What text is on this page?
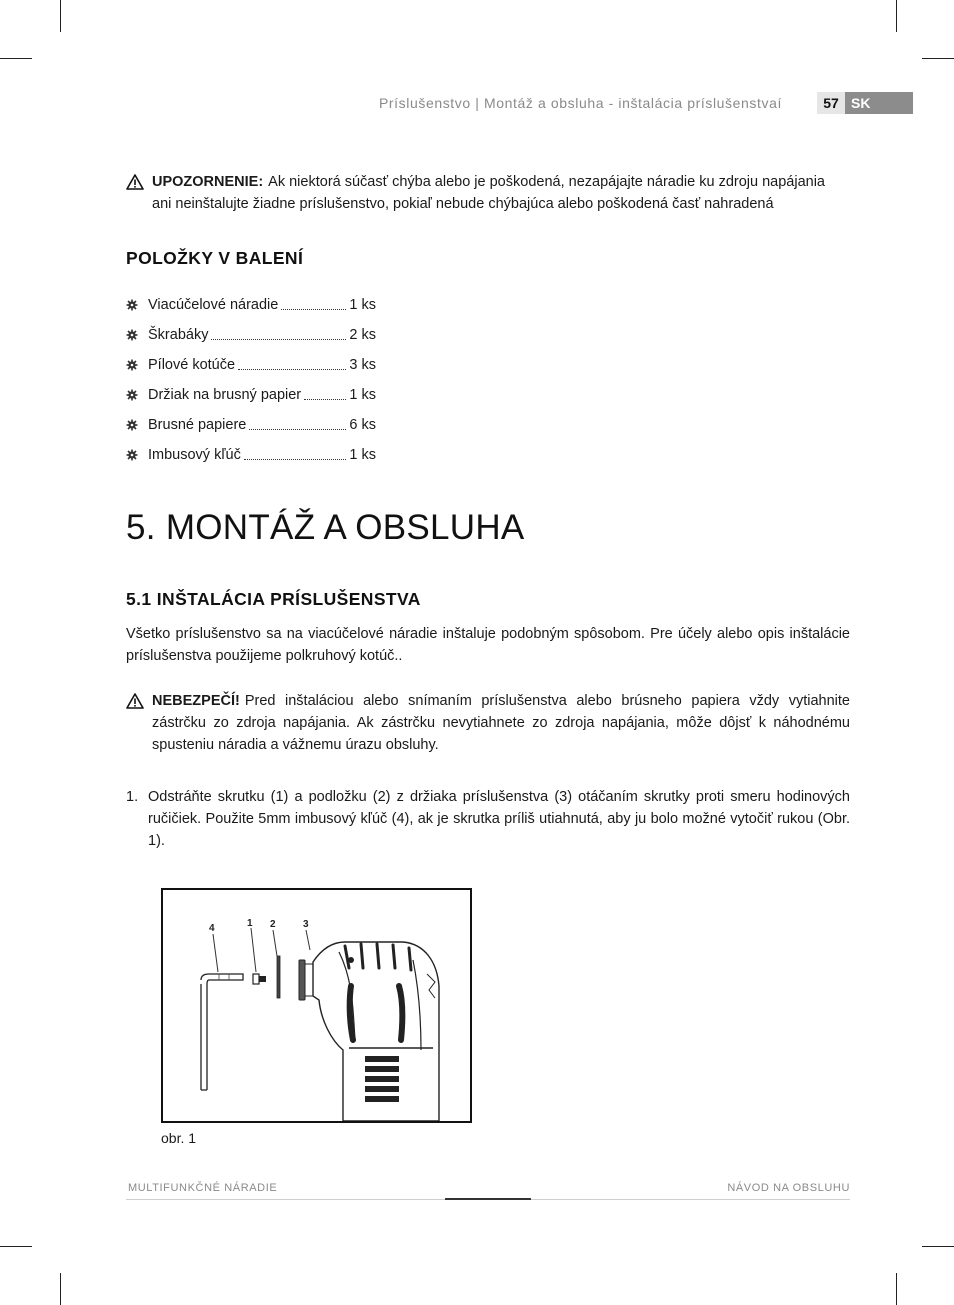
Príslušenstvo | Montáž a obsluha - inštalácia príslušenstvaí	57 SK
UPOZORNENIE: Ak niektorá súčasť chýba alebo je poškodená, nezapájajte náradie ku zdroju napájania
ani neinštalujte žiadne príslušenstvo, pokiaľ nebude chýbajúca alebo poškodená časť nahradená
POLOŽKY V BALENÍ
Viacúčelové náradie	1 ks
Škrabáky	2 ks
Pílové kotúče	3 ks
Držiak na brusný papier	1 ks
Brusné papiere	6 ks
Imbusový kľúč	1 ks
5. MONTÁŽ A OBSLUHA
5.1 INŠTALÁCIA PRÍSLUŠENSTVA
Všetko príslušenstvo sa na viacúčelové náradie inštaluje podobným spôsobom. Pre účely alebo opis inštalácie príslušenstva použijeme polkruhový kotúč..
NEBEZPEČÍ! Pred inštaláciou alebo snímaním príslušenstva alebo brúsneho papiera vždy vytiahnite
zástrčku zo zdroja napájania. Ak zástrčku nevytiahnete zo zdroja napájania, môže dôjsť k náhodnému spusteniu náradia a vážnemu úrazu obsluhy.
1. Odstráňte skrutku (1) a podložku (2) z držiaka príslušenstva (3) otáčaním skrutky proti smeru hodinových ručičiek. Použite 5mm imbusový kľúč (4), ak je skrutka príliš utiahnutá, aby ju bolo možné vytočiť rukou (Obr. 1).
4	1 2	3
obr. 1
MULTIFUNKČNÉ NÁRADIE	NÁVOD NA OBSLUHU
